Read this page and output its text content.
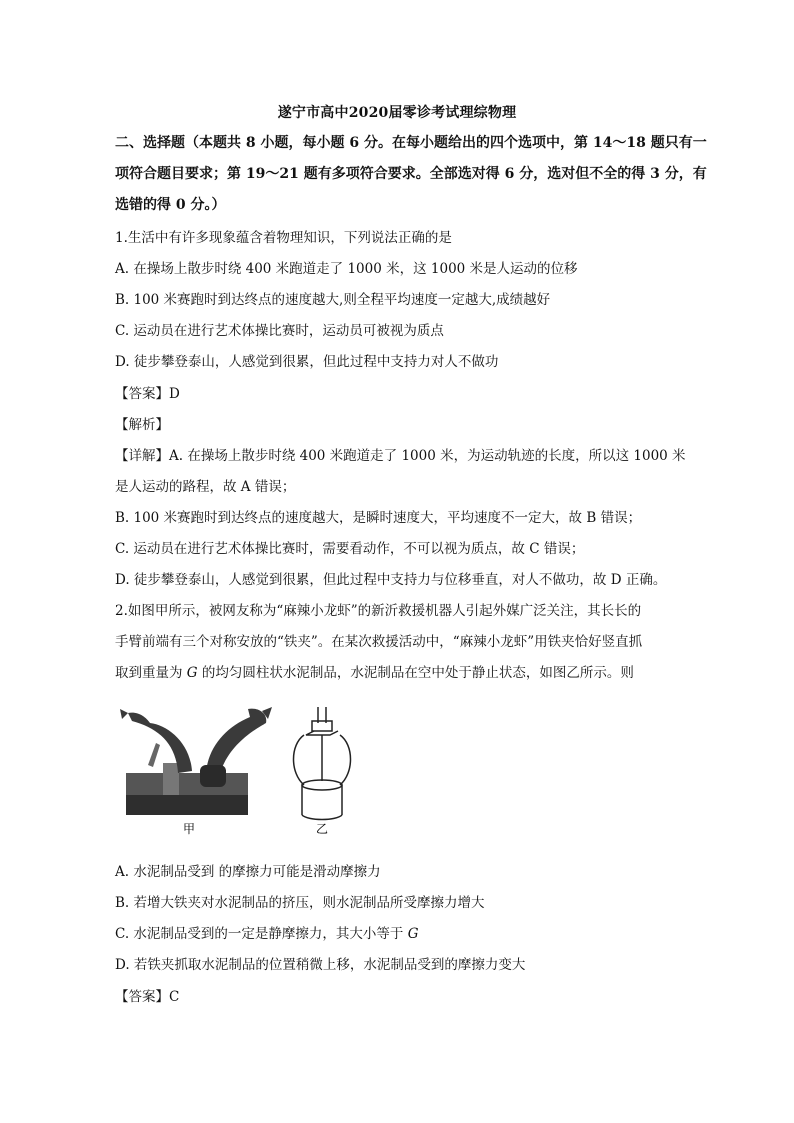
遂宁市高中2020届零诊考试理综物理
二、选择题（本题共 8 小题，每小题 6 分。在每小题给出的四个选项中，第 14～18 题只有一
项符合题目要求；第 19～21 题有多项符合要求。全部选对得 6 分，选对但不全的得 3 分，有
选错的得 0 分。）
1.生活中有许多现象蕴含着物理知识，下列说法正确的是
A. 在操场上散步时绕 400 米跑道走了 1000 米，这 1000 米是人运动的位移
B. 100 米赛跑时到达终点的速度越大,则全程平均速度一定越大,成绩越好
C. 运动员在进行艺术体操比赛时，运动员可被视为质点
D. 徒步攀登泰山，人感觉到很累，但此过程中支持力对人不做功
【答案】D
【解析】
【详解】A. 在操场上散步时绕 400 米跑道走了 1000 米，为运动轨迹的长度，所以这 1000 米
是人运动的路程，故 A 错误；
B. 100 米赛跑时到达终点的速度越大，是瞬时速度大，平均速度不一定大，故 B 错误；
C. 运动员在进行艺术体操比赛时，需要看动作，不可以视为质点，故 C 错误；
D. 徒步攀登泰山，人感觉到很累，但此过程中支持力与位移垂直，对人不做功，故 D 正确。
2.如图甲所示，被网友称为“麻辣小龙虾”的新沂救援机器人引起外媒广泛关注，其长长的
手臂前端有三个对称安放的“铁夹”。在某次救援活动中，“麻辣小龙虾”用铁夹恰好竖直抓
取到重量为 G 的均匀圆柱状水泥制品，水泥制品在空中处于静止状态，如图乙所示。则
甲	乙
A. 水泥制品受到 的摩擦力可能是滑动摩擦力
B. 若增大铁夹对水泥制品的挤压，则水泥制品所受摩擦力增大
C. 水泥制品受到的一定是静摩擦力，其大小等于 G
D. 若铁夹抓取水泥制品的位置稍微上移，水泥制品受到的摩擦力变大
【答案】C
